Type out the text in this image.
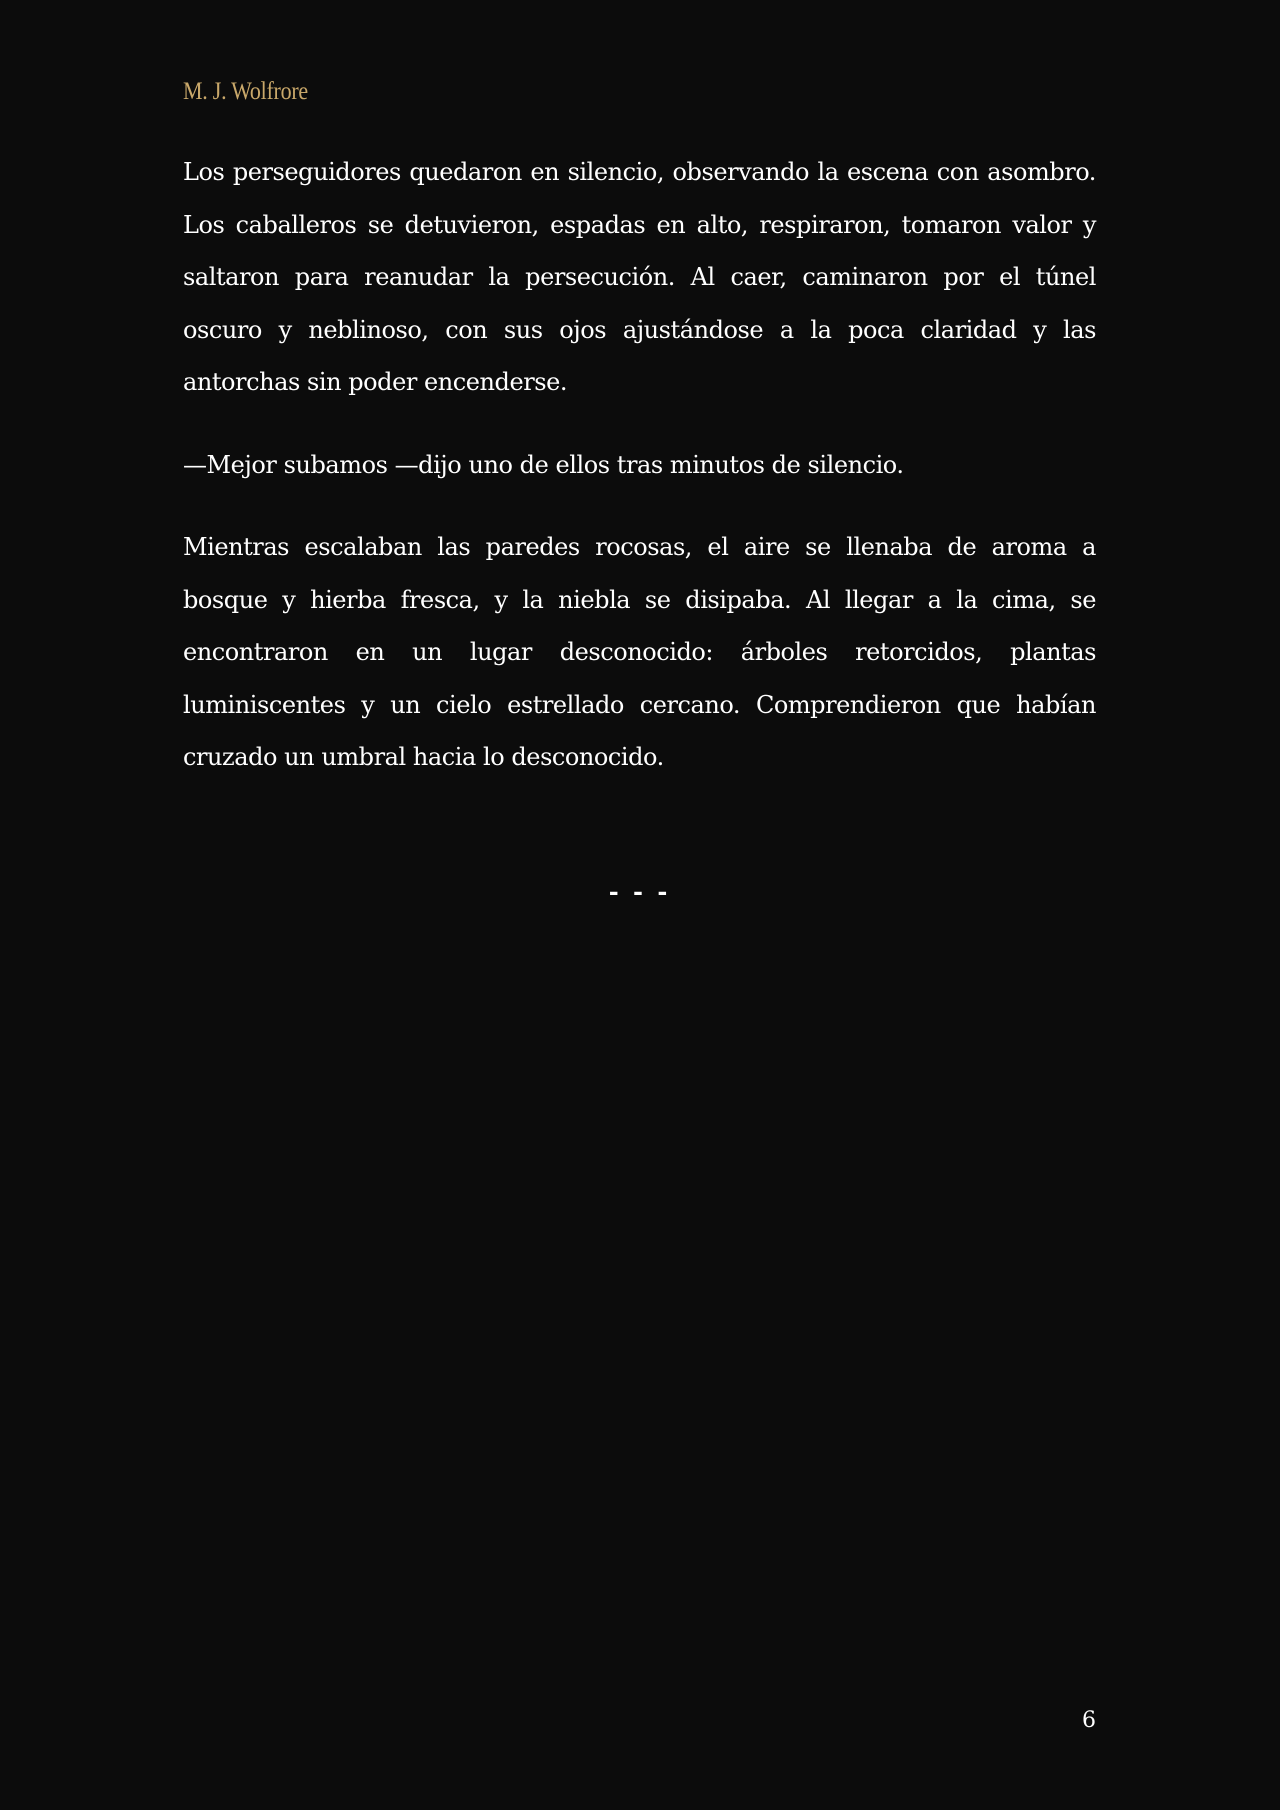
M. J. Wolfrore

Los perseguidores quedaron en silencio, observando la escena con asombro. Los caballeros se detuvieron, espadas en alto, respiraron, tomaron valor y saltaron para reanudar la persecución. Al caer, caminaron por el túnel oscuro y neblinoso, con sus ojos ajustándose a la poca claridad y las antorchas sin poder encenderse.

—Mejor subamos —dijo uno de ellos tras minutos de silencio.

Mientras escalaban las paredes rocosas, el aire se llenaba de aroma a bosque y hierba fresca, y la niebla se disipaba. Al llegar a la cima, se encontraron en un lugar desconocido: árboles retorcidos, plantas luminiscentes y un cielo estrellado cercano. Comprendieron que habían cruzado un umbral hacia lo desconocido.

- - -
6
